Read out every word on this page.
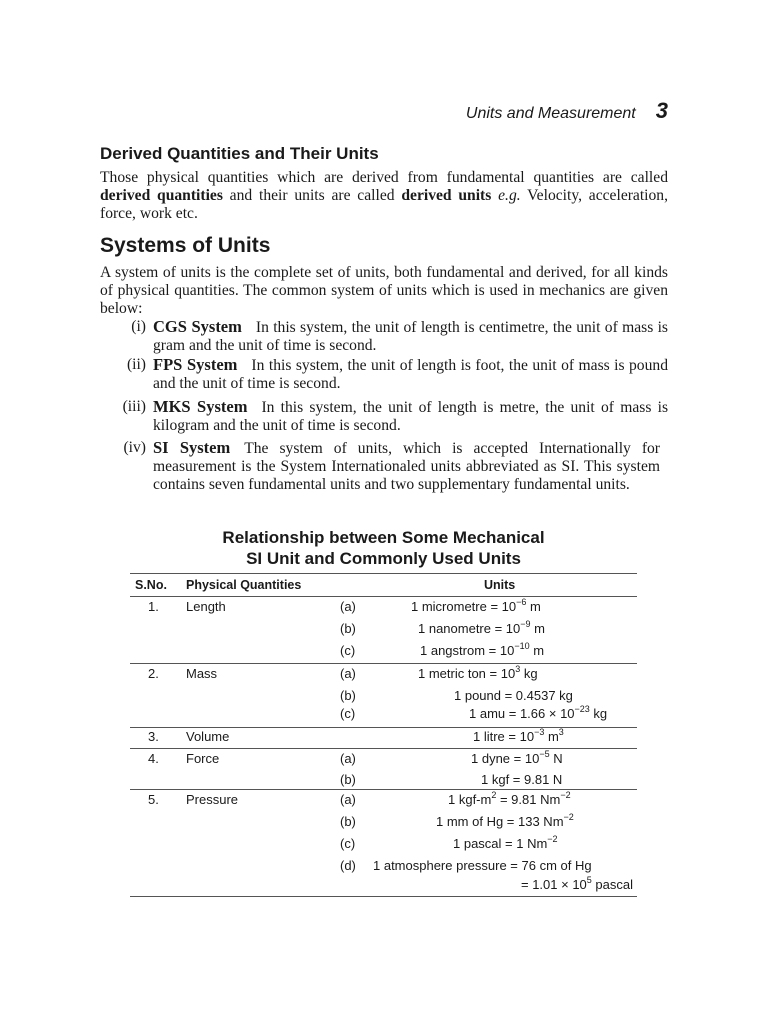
Units and Measurement 3
Derived Quantities and Their Units

Those physical quantities which are derived from fundamental quantities are called derived quantities and their units are called derived units e.g. Velocity, acceleration, force, work etc.

Systems of Units

A system of units is the complete set of units, both fundamental and derived, for all kinds of physical quantities. The common system of units which is used in mechanics are given below:

(i) CGS System In this system, the unit of length is centimetre, the unit of mass is gram and the unit of time is second.
(ii) FPS System In this system, the unit of length is foot, the unit of mass is pound and the unit of time is second.
(iii) MKS System In this system, the unit of length is metre, the unit of mass is kilogram and the unit of time is second.
(iv) SI System The system of units, which is accepted Internationally for measurement is the System Internationaled units abbreviated as SI. This system contains seven fundamental units and two supplementary fundamental units.
Relationship between Some Mechanical
SI Unit and Commonly Used Units
S.No. Physical Quantities	Units
1. Length	(a)	1 micrometre = $10^{-6}$ m
(b)	1 nanometre = $10^{-9}$ m
(c)	1 angstrom = $10^{-10}$ m
2. Mass	(a)	1 metric ton = $10^3$ kg
(b)	1 pound = 0.4537 kg
(c)	1 amu = $1.66 \times 10^{-23}$ kg
3. Volume	1 litre = $10^{-3}$ $m^3$
4. Force	(a)	1 dyne = $10^{-5}$ N
(b)	1 kgf = 9.81 N
5. Pressure	(a)	1 kgf-$m^2 = 9.81$ $Nm^{-2}$
(b)	1 mm of Hg = 133 $Nm^{-2}$
(c)	1 pascal = 1 $Nm^{-2}$
(d) 1 atmosphere pressure = 76 cm of Hg
= $1.01 \times 10^5$ pascal
